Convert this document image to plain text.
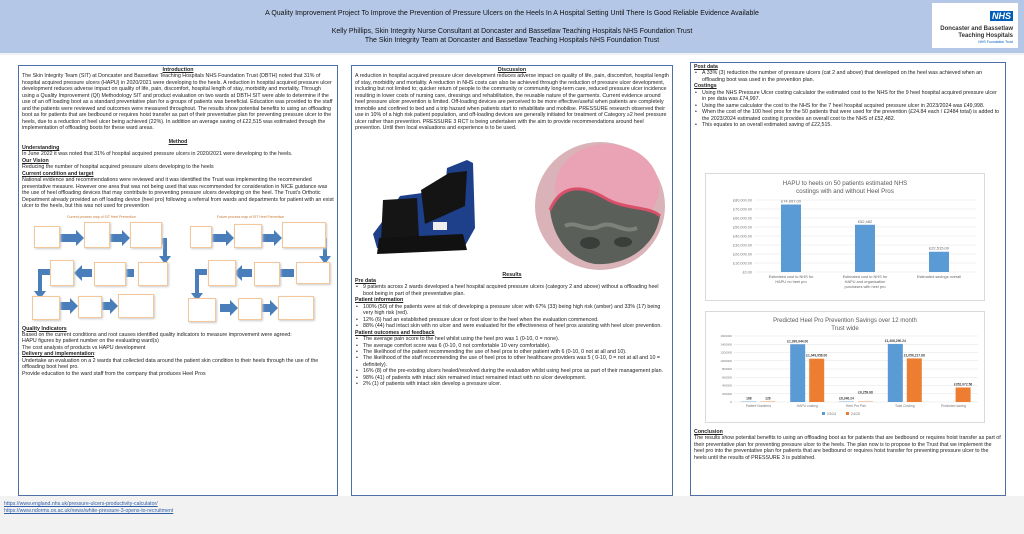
A Quality Improvement Project To Improve the Prevention of Pressure Ulcers on the Heels In A Hospital Setting Until There Is Good Reliable Evidence Available
Kelly Phillips, Skin Integrity Nurse Consultant at Doncaster and Bassetlaw Teaching Hospitals NHS Foundation Trust
The Skin Integrity Team at Doncaster and Bassetlaw Teaching Hospitals NHS Foundation Trust
NHS
Doncaster and Bassetlaw
Teaching Hospitals
NHS Foundation Trust
Introduction
The Skin Integrity Team (SIT) at Doncaster and Bassetlaw Teaching Hospitals NHS Foundation Trust (DBTH) noted that 31% of hospital acquired pressure ulcers (HAPU) in 2020/2021 were developing to the heels. A reduction in hospital acquired pressure ulcer development reduces adverse impact on quality of life, pain, discomfort, hospital length of stay, morbidity and mortality. Through using a Quality Improvement (QI) Methodology SIT and product evaluation on two wards at DBTH SIT were able to determine if the use of an off loading boot as a standard preventative plan for a groups of patients was beneficial. Education was provided to the staff and the patients were reviewed and outcomes were measured throughout. The results show potential benefits to using an offloading boot as for patients that are bedbound or requires hoist transfer as part of their preventative plan for preventing pressure ulcer to the heels, due to a reduction of heel ulcer being achieved (22%). In addition an average saving of £22,515 was estimated through the implementation of offloading boots for these ward areas.
Method
Understanding
In June 2022 it was noted that 31% of hospital acquired pressure ulcers in 2020/2021 were developing to the heels.
Our Vision
Reducing the number of hospital acquired pressure ulcers developing to the heels
Current condition and target
National evidence and recommendations were reviewed and it was identified the Trust was implementing the recommended preventative measure. However one area that was not being used that was recommended for consideration in NICE guidance was the use of heel offloading devices that may contribute to preventing pressure ulcers developing on the heel. The Trust's Orthotic Department already provided an off loading device (heel pro) following a referral from wards and departments for patient with an exist ulcer to the heels, but this was not used for prevention
Current process map of SIT Heel Prevention	Future process map of SIT Heel Prevention
Quality Indicators
Based on the current conditions and root causes identified quality indicators to measure improvement were agreed:
HAPU figures by patient number on the evaluating ward(s)
The cost analysis of products vs HAPU development
Delivery and implementation:
Undertake an evaluation on a 2 wards that collected data around the patient skin condition to their heels through the use of the offloading boot heel pro.
Provide education to the ward staff from the company that produces Heel Pros
Discussion
A reduction in hospital acquired pressure ulcer development reduces adverse impact on quality of life, pain, discomfort, hospital length of stay, morbidity and mortality. A reduction in NHS costs can also be achieved through the reduction of pressure ulcer development, including but not limited to; quicker return of people to the community or community long-term care, reduced pressure ulcer incidence resulting in lower costs of nursing care, dressings and rehabilitation, the reusable nature of the garments. Current evidence around heel pressure ulcer prevention is limited. Off-loading devices are perceived to be more effective/useful when patients are completely immobile and confined to bed and a trip hazard when patients start to rehabilitate and mobilise. PRESSURE research observed their use in 10% of a high risk patient population, and off-loading devices are generally initiated for treatment of Category ≥2 heel pressure ulcer rather than prevention. PRESSURE 3 RCT is being undertaken with the aim to provide recommendations around heel prevention. Until then local evaluations and experience is to be used.
Results
Pre data
• 9 patients across 2 wards developed a heel hospital acquired pressure ulcers (category 2 and above) without a offloading heel boot being in part of their preventative plan.
Patient information
• 100% (50) of the patients were at risk of developing a pressure ulcer with 67% (33) being high risk (amber) and 33% (17) being very high risk (red).
• 12% (6) had an established pressure ulcer or foot ulcer to the heel when the evaluation commenced.
• 88% (44) had intact skin with no ulcer and were evaluated for the effectiveness of heel pros assisting with heel ulcer prevention.
Patient outcomes and feedback
• The average pain score to the heel whilst using the heel pro was 1 (0-10, 0 = none).
• The average comfort score was 6 (0-10, 0 not comfortable 10 very comfortable).
• The likelihood of the patient recommending the use of heel pros to other patient with 6 (0-10, 0 not at all and 10).
• The likelihood of the staff recommending the use of heel pros to other healthcare providers was 5 ( 0-10, 0 = not at all and 10 = definitely).
• 16% (8) of the pre-existing ulcers healed/resolved during the evaluation whilst using heel pros as part of their management plan.
• 98% (41) of patients with intact skin remained intact remained intact with no ulcer development.
• 2% (1) of patients with intact skin develop a pressure ulcer.
Post data
• A 33% (3) reduction the number of pressure ulcers (cat 2 and above) that developed on the heel was achieved when an offloading boot was used in the prevention plan.
Costings
• Using the NHS Pressure Ulcer costing calculator the estimated cost to the NHS for the 9 heel hospital acquired pressure ulcer in pre data was £74,997.
• Using the same calculator the cost to the NHS for the 7 heel hospital acquired pressure ulcer in 2023/2024 was £49,998.
• When the cost of the 100 heel pros for the 50 patients that were used for the prevention (£24.84 each / £2484 total) is added to the 2023/2024 estimated costing it provides an overall cost to the NHS of £52,482.
• This equates to an overall estimated saving of £22,515.
HAPU to heels on 50 patients estimated NHS
costings with and without Heel Pros
£0.00
£10,000.00
£20,000.00
£30,000.00
£40,000.00
£50,000.00
£60,000.00
£70,000.00
£80,000.00	£74,997.00
Estimated cost to NHS for
HAPU no heel pro
£52,482
Estimated cost to NHS for
HAPU and organisation
purchases with heel pro
£22,515.00
Estimated savings overall
Predicted Heel Pro Prevention Savings over 12 month
Trust wide
0
200000
400000
600000
800000
1000000
1200000
1400000
1600000
168	126
Patient Numbers
£1,399,944.00
£1,049,958.00
HAPU costing
£8,346.24
£6,259.68
Heel Pro Pair
£1,408,290.24
£1,056,217.68
Total Costing
£352,072.56
Predicted saving
23/24	24/25
Conclusion
The results show potential benefits to using an offloading boot as for patients that are bedbound or requires hoist transfer as part of their preventative plan for preventing pressure ulcer to the heels. The plan now is to propose to the Trust that we implement the heel pro into the preventative plan for patients that are bedbound or requires hoist transfer for preventing pressure ulcer to the heels until the results of PRESSURE 3 is published.
https://www.england.nhs.uk/pressure-ulcers-productivity-calculator/
https://www.ndorms.ox.ac.uk/news/white-pressure-3-opens-to-recruitment
